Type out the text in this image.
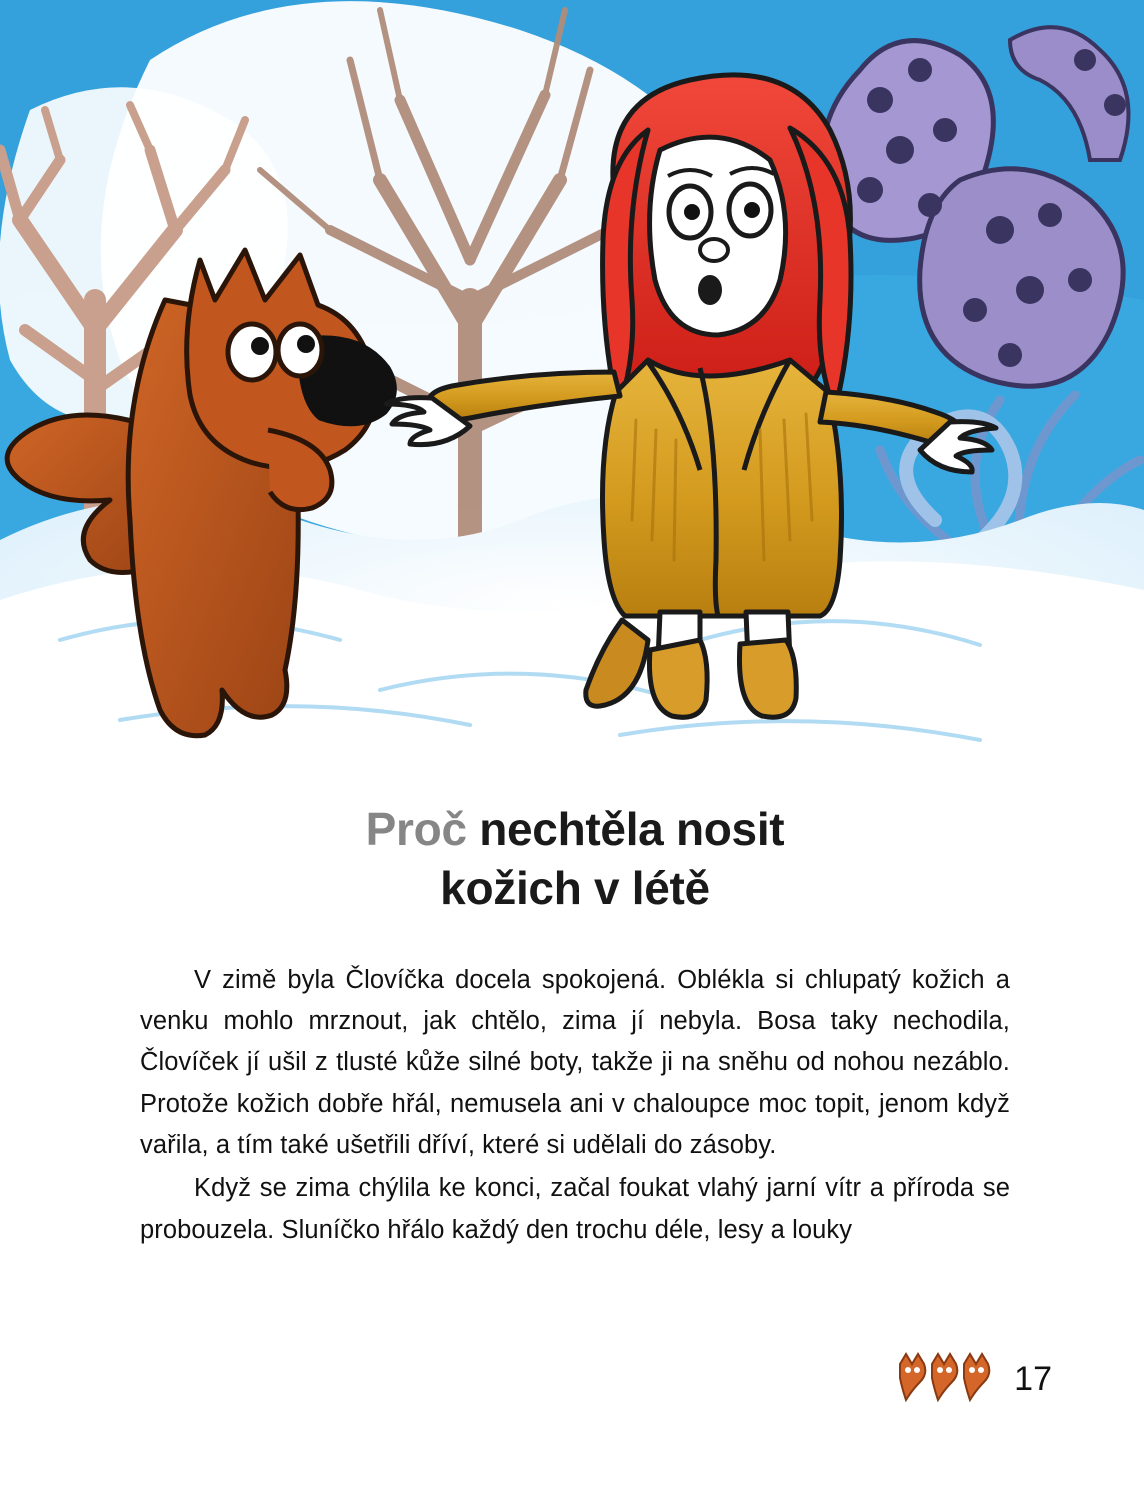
Proč nechtěla nosit
kožich v létě

V zimě byla Človíčka docela spokojená. Oblékla si chlupatý kožich a venku mohlo mrznout, jak chtělo, zima jí nebyla. Bosa taky nechodila, Človíček jí ušil z tlusté kůže silné boty, takže ji na sněhu od nohou nezáblo. Protože kožich dobře hřál, nemusela ani v chaloupce moc topit, jenom když vařila, a tím také ušetřili dříví, které si udělali do zásoby.

Když se zima chýlila ke konci, začal foukat vlahý jarní vítr a příroda se probouzela. Sluníčko hřálo každý den trochu déle, lesy a louky

17
